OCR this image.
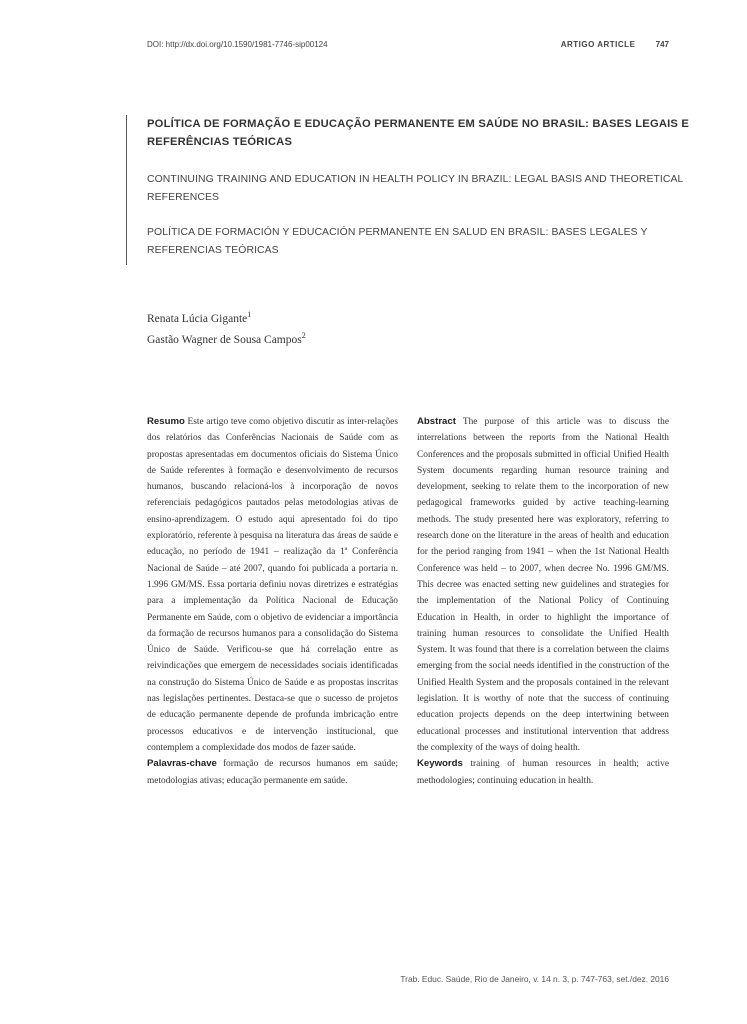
DOI: http://dx.doi.org/10.1590/1981-7746-sip00124	ARTIGO ARTICLE	747

POLÍTICA DE FORMAÇÃO E EDUCAÇÃO PERMANENTE EM SAÚDE NO BRASIL: BASES LEGAIS E REFERÊNCIAS TEÓRICAS

CONTINUING TRAINING AND EDUCATION IN HEALTH POLICY IN BRAZIL: LEGAL BASIS AND THEORETICAL REFERENCES

POLÍTICA DE FORMACIÓN Y EDUCACIÓN PERMANENTE EN SALUD EN BRASIL: BASES LEGALES Y REFERENCIAS TEÓRICAS

Renata Lúcia Gigante$^1$
Gastão Wagner de Sousa Campos$^2$

Resumo Este artigo teve como objetivo discutir as inter-relações dos relatórios das Conferências Nacionais de Saúde com as propostas apresentadas em documentos oficiais do Sistema Único de Saúde referentes à formação e desenvolvimento de recursos humanos, buscando relacioná-los à incorporação de novos referenciais pedagógicos pautados pelas metodologias ativas de ensino-aprendizagem. O estudo aqui apresentado foi do tipo exploratório, referente à pesquisa na literatura das áreas de saúde e educação, no período de 1941 – realização da 1ª Conferência Nacional de Saúde – até 2007, quando foi publicada a portaria n. 1.996 GM/MS. Essa portaria definiu novas diretrizes e estratégias para a implementação da Política Nacional de Educação Permanente em Saúde, com o objetivo de evidenciar a importância da formação de recursos humanos para a consolidação do Sistema Único de Saúde. Verificou-se que há correlação entre as reivindicações que emergem de necessidades sociais identificadas na construção do Sistema Único de Saúde e as propostas inscritas nas legislações pertinentes. Destaca-se que o sucesso de projetos de educação permanente depende de profunda imbricação entre processos educativos e de intervenção institucional, que contemplem a complexidade dos modos de fazer saúde.

Palavras-chave formação de recursos humanos em saúde; metodologias ativas; educação permanente em saúde.

Abstract The purpose of this article was to discuss the interrelations between the reports from the National Health Conferences and the proposals submitted in official Unified Health System documents regarding human resource training and development, seeking to relate them to the incorporation of new pedagogical frameworks guided by active teaching-learning methods. The study presented here was exploratory, referring to research done on the literature in the areas of health and education for the period ranging from 1941 – when the 1st National Health Conference was held – to 2007, when decree No. 1996 GM/MS. This decree was enacted setting new guidelines and strategies for the implementation of the National Policy of Continuing Education in Health, in order to highlight the importance of training human resources to consolidate the Unified Health System. It was found that there is a correlation between the claims emerging from the social needs identified in the construction of the Unified Health System and the proposals contained in the relevant legislation. It is worthy of note that the success of continuing education projects depends on the deep intertwining between educational processes and institutional intervention that address the complexity of the ways of doing health.

Keywords training of human resources in health; active methodologies; continuing education in health.

Trab. Educ. Saúde, Rio de Janeiro, v. 14 n. 3, p. 747-763, set./dez. 2016
